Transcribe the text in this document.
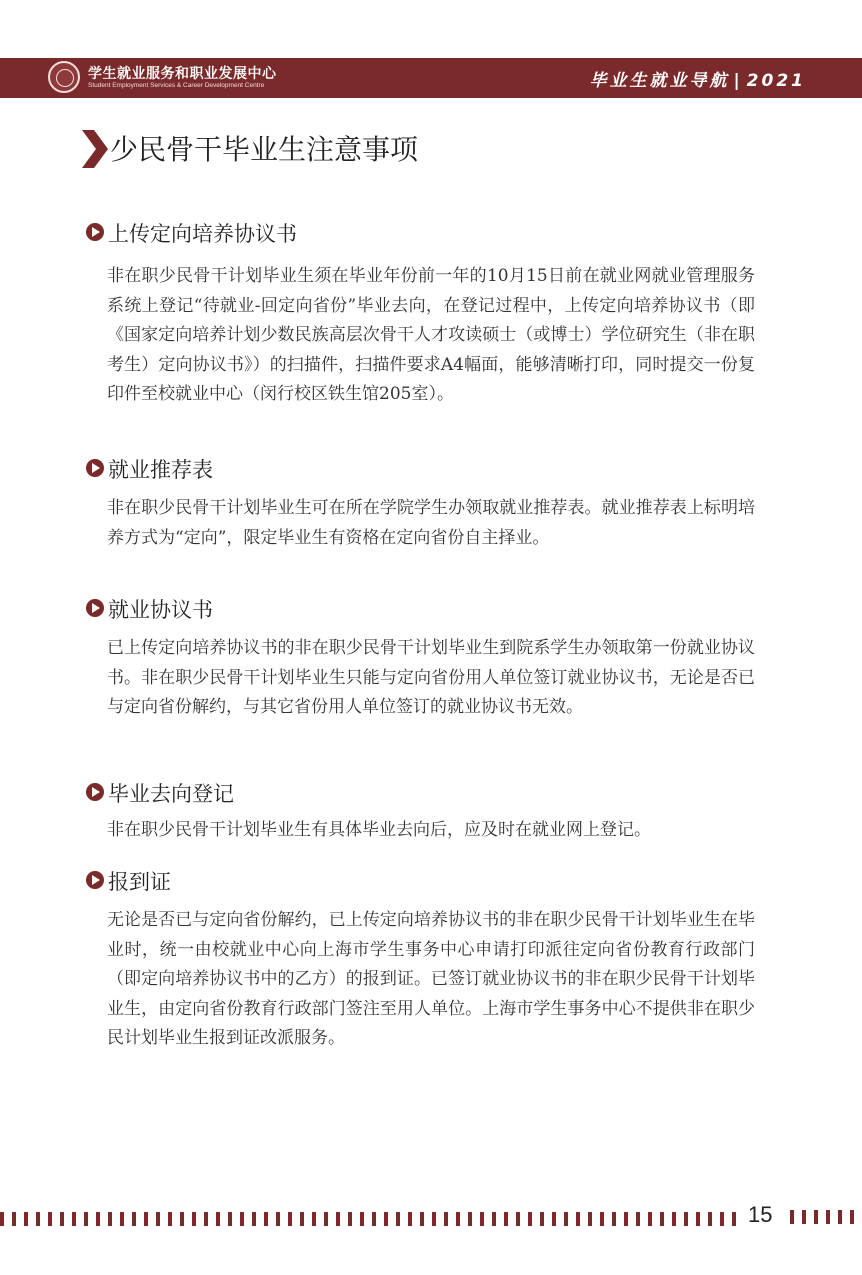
学生就业服务和职业发展中心
Student Employment Services & Career Development Centre	毕业生就业导航 | 2021
少民骨干毕业生注意事项
上传定向培养协议书

非在职少民骨干计划毕业生须在毕业年份前一年的10月15日前在就业网就业管理服务系统上登记“待就业-回定向省份”毕业去向，在登记过程中，上传定向培养协议书（即《国家定向培养计划少数民族高层次骨干人才攻读硕士（或博士）学位研究生（非在职考生）定向协议书》）的扫描件，扫描件要求A4幅面，能够清晰打印，同时提交一份复印件至校就业中心（闵行校区铁生馆205室）。

就业推荐表

非在职少民骨干计划毕业生可在所在学院学生办领取就业推荐表。就业推荐表上标明培养方式为“定向”，限定毕业生有资格在定向省份自主择业。

就业协议书

已上传定向培养协议书的非在职少民骨干计划毕业生到院系学生办领取第一份就业协议书。非在职少民骨干计划毕业生只能与定向省份用人单位签订就业协议书，无论是否已与定向省份解约，与其它省份用人单位签订的就业协议书无效。

毕业去向登记

非在职少民骨干计划毕业生有具体毕业去向后，应及时在就业网上登记。

报到证

无论是否已与定向省份解约，已上传定向培养协议书的非在职少民骨干计划毕业生在毕业时，统一由校就业中心向上海市学生事务中心申请打印派往定向省份教育行政部门（即定向培养协议书中的乙方）的报到证。已签订就业协议书的非在职少民骨干计划毕业生，由定向省份教育行政部门签注至用人单位。上海市学生事务中心不提供非在职少民计划毕业生报到证改派服务。

15
